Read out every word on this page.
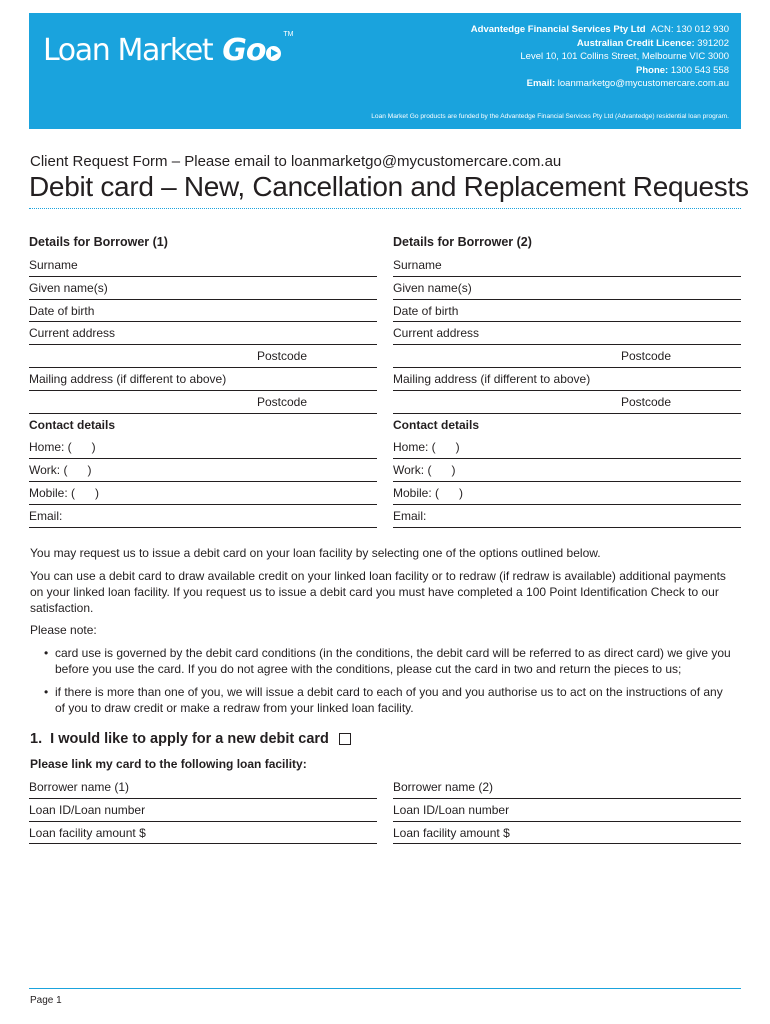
Loan Market Go	TM	Advantedge Financial Services Pty Ltd ACN: 130 012 930
Australian Credit Licence: 391202
Level 10, 101 Collins Street, Melbourne VIC 3000
Phone: 1300 543 558
Email: loanmarketgo@mycustomercare.com.au
Loan Market Go products are funded by the Advantedge Financial Services Pty Ltd (Advantedge) residential loan program.
Client Request Form – Please email to loanmarketgo@mycustomercare.com.au
Debit card – New, Cancellation and Replacement Requests
Details for Borrower (1)
Surname
Given name(s)
Date of birth
Current address
Postcode
Mailing address (if different to above)
Postcode
Contact details
Home: (      )
Work: (      )
Mobile: (      )
Email:
Details for Borrower (2)
Surname
Given name(s)
Date of birth
Current address
Postcode
Mailing address (if different to above)
Postcode
Contact details
Home: (      )
Work: (      )
Mobile: (      )
Email:
You may request us to issue a debit card on your loan facility by selecting one of the options outlined below.
You can use a debit card to draw available credit on your linked loan facility or to redraw (if redraw is available) additional payments on your linked loan facility. If you request us to issue a debit card you must have completed a 100 Point Identification Check to our satisfaction.
Please note:
• card use is governed by the debit card conditions (in the conditions, the debit card will be referred to as direct card) we give you before you use the card. If you do not agree with the conditions, please cut the card in two and return the pieces to us;
• if there is more than one of you, we will issue a debit card to each of you and you authorise us to act on the instructions of any of you to draw credit or make a redraw from your linked loan facility.
1.  I would like to apply for a new debit card
Please link my card to the following loan facility:
Borrower name (1)
Loan ID/Loan number
Loan facility amount $
Borrower name (2)
Loan ID/Loan number
Loan facility amount $
Page 1
